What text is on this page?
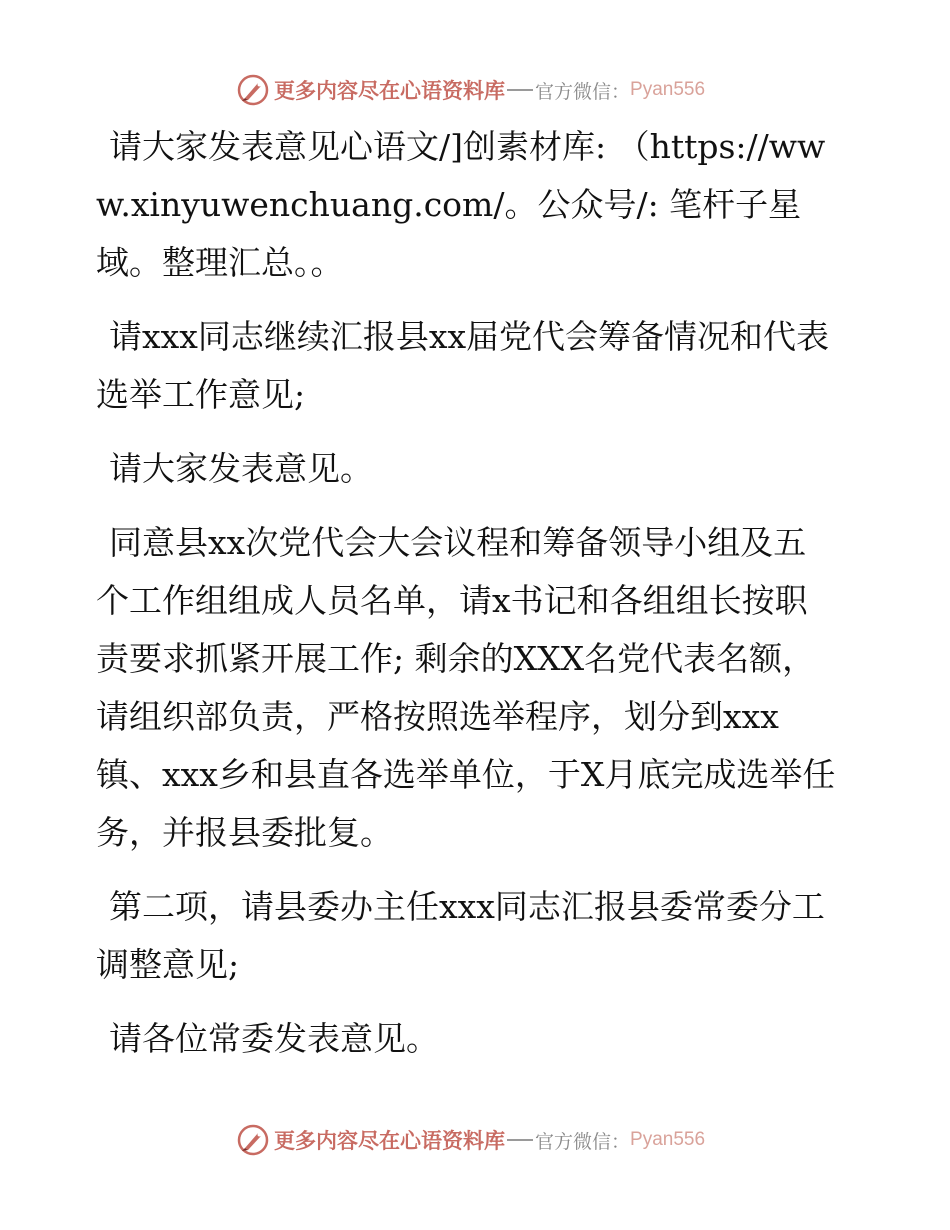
更多内容尽在心语资料库 官方微信： Pyan556

请大家发表意见心语文/]创素材库: （https://www.xinyuwenchuang.com/。公众号/: 笔杆子星域。整理汇总。。

请xxx同志继续汇报县xx届党代会筹备情况和代表选举工作意见;

请大家发表意见。

同意县xx次党代会大会议程和筹备领导小组及五个工作组组成人员名单，请x书记和各组组长按职责要求抓紧开展工作; 剩余的XXX名党代表名额，请组织部负责，严格按照选举程序，划分到xxx镇、xxx乡和县直各选举单位，于X月底完成选举任务，并报县委批复。

第二项，请县委办主任xxx同志汇报县委常委分工调整意见;

请各位常委发表意见。

更多内容尽在心语资料库 官方微信： Pyan556
